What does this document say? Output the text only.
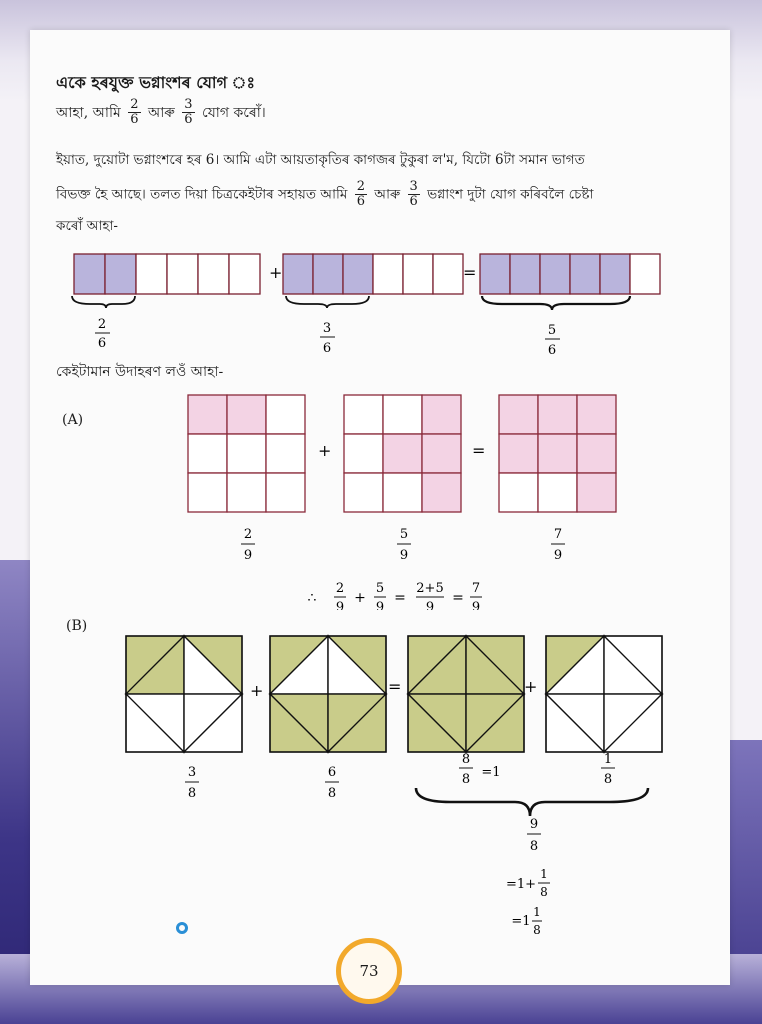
একে হৰযুক্ত ভগ্নাংশৰ যোগ ঃ
আহা, আমি $\frac{2}{6}$ আৰু $\frac{3}{6}$ যোগ কৰোঁ।
ইয়াত, দুয়োটা ভগ্নাংশৰে হৰ 6। আমি এটা আয়তাকৃতিৰ কাগজৰ টুকুৰা ল'ম, যিটো 6টা সমান ভাগত
বিভক্ত হৈ আছে। তলত দিয়া চিত্ৰকেইটাৰ সহায়ত আমি $\frac{2}{6}$ আৰু $\frac{3}{6}$ ভগ্নাংশ দুটা যোগ কৰিবলৈ চেষ্টা
কৰোঁ আহা-
+	=
2
6
3
6
5
6
কেইটামান উদাহৰণ লওঁ আহা-
(A)
+	=
2
9
5
9
7
9
∴
2
9
+
5
9
=
2+5
9
=
7
9
(B)
+	=	+
3
8
6
8
8
8 =1
1
8
9
8
=1+
1
8
=1
1
8
73
